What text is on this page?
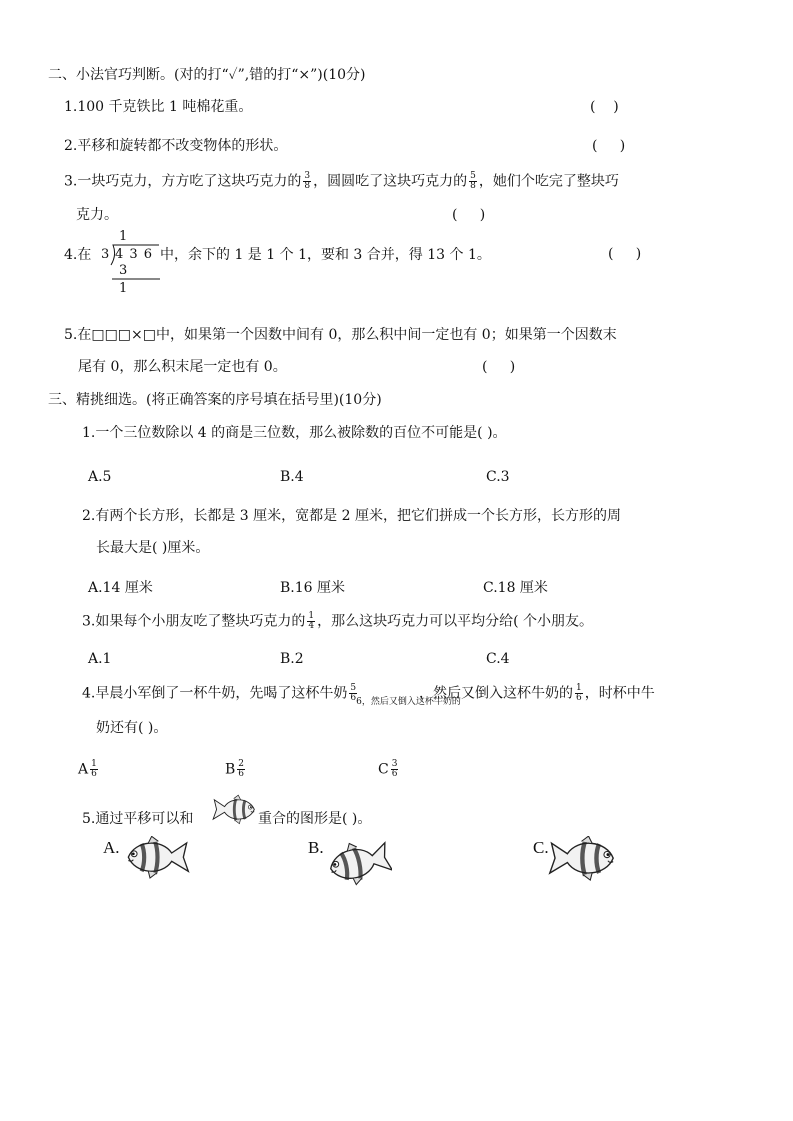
二、小法官巧判断。(对的打“✓”,错的打“×”)(10分)
1.100 千克铁比 1 吨棉花重。	(    )
2.平移和旋转都不改变物体的形状。	(     )
3.一块巧克力，方方吃了这块巧克力的 $\frac{3}{8}$ ，圆圆吃了这块巧克力的 $\frac{5}{8}$ ，她们个吃完了整块巧
克力。	(     )
4.在
1
3 4 3 6
3
1
中，余下的 1 是 1 个 1，要和 3 合并，得 13 个 1。	(     )
5.在□□□×□中，如果第一个因数中间有 0，那么积中间一定也有 0；如果第一个因数末
尾有 0，那么积末尾一定也有 0。	(     )
三、精挑细选。(将正确答案的序号填在括号里)(10分)
1.一个三位数除以 4 的商是三位数，那么被除数的百位不可能是( )。
A.5	B.4	C.3
2.有两个长方形，长都是 3 厘米，宽都是 2 厘米，把它们拼成一个长方形，长方形的周
长最大是( )厘米。
A.14 厘米	B.16 厘米	C.18 厘米
3.如果每个小朋友吃了整块巧克力的 $\frac{1}{4}$ ，那么这块巧克力可以平均分给( 个小朋友。
A.1	B.2	C.4
4.早晨小军倒了一杯牛奶，先喝了这杯牛奶 $\frac{5}{6} _{6,然后又倒入这杯牛奶的}$
，然后又倒入这杯牛奶的 $\frac{1}{6}$ ，时杯中牛
奶还有( )。
A $\frac{1}{6}$	B $\frac{2}{6}$	C $\frac{3}{6}$
5.通过平移可以和	重合的图形是( )。
A.	B.	C.
